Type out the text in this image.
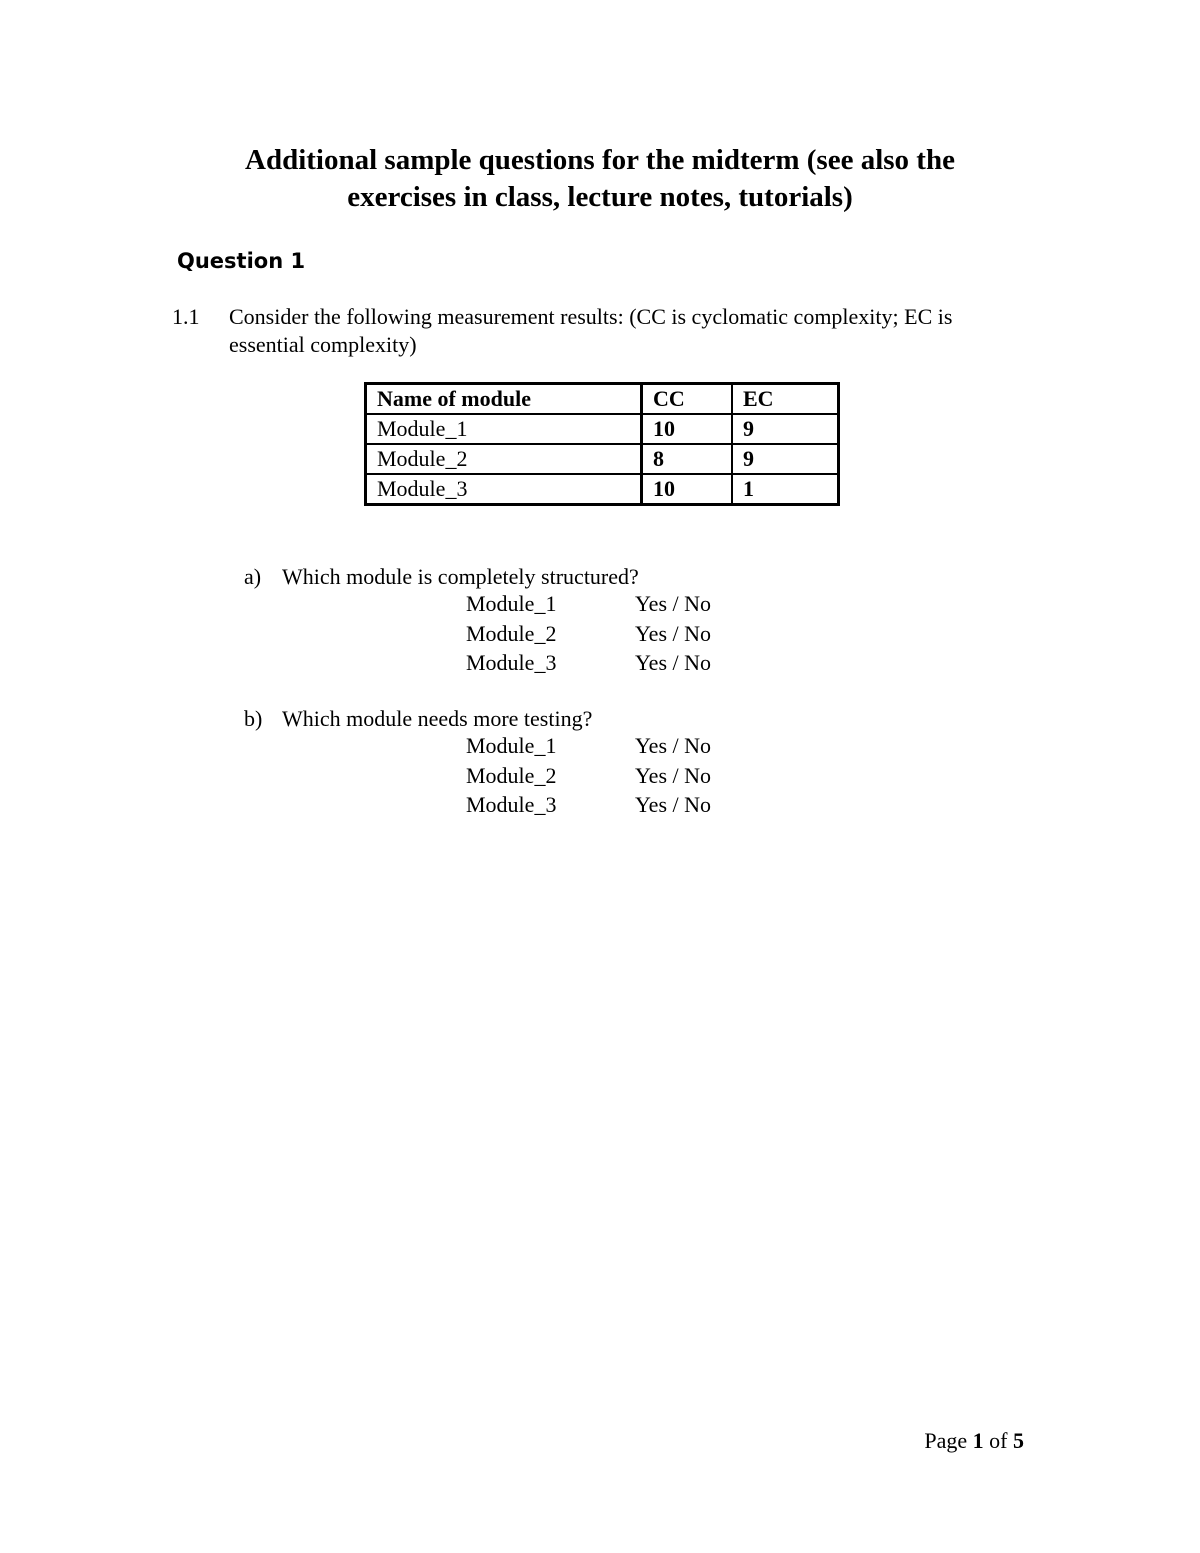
Additional sample questions for the midterm (see also the
exercises in class, lecture notes, tutorials)
Question 1
1.1 Consider the following measurement results: (CC is cyclomatic complexity; EC is
essential complexity)
Name of module	CC	EC
Module_1	10	9
Module_2	8	9
Module_3	10	1
a) Which module is completely structured?
Module_1	Yes / No
Module_2	Yes / No
Module_3	Yes / No
b) Which module needs more testing?
Module_1	Yes / No
Module_2	Yes / No
Module_3	Yes / No
Page 1 of 5
